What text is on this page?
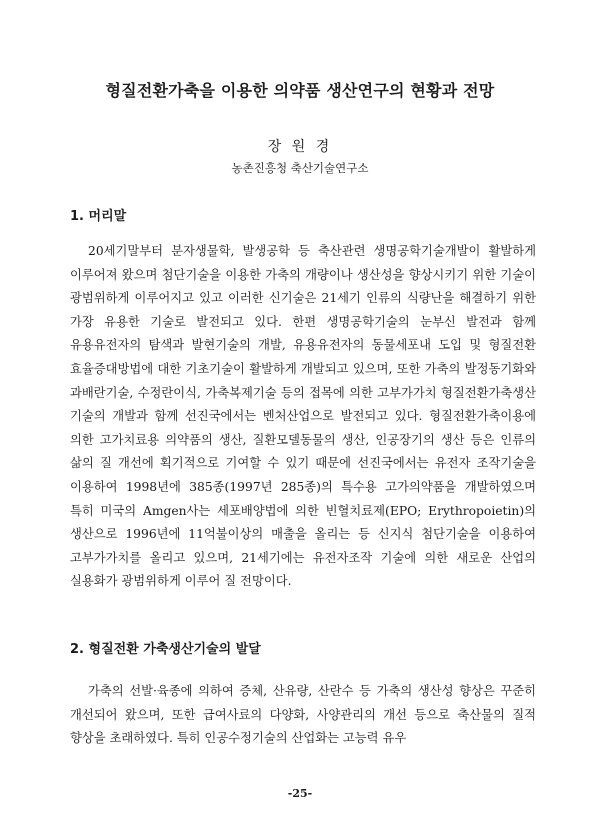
형질전환가축을 이용한 의약품 생산연구의 현황과 전망
장 원 경
농촌진흥청 축산기술연구소
1. 머리말
20세기말부터 분자생물학, 발생공학 등 축산관련 생명공학기술개발이 활발하게 이루어져 왔으며 첨단기술을 이용한 가축의 개량이나 생산성을 향상시키기 위한 기술이 광범위하게 이루어지고 있고 이러한 신기술은 21세기 인류의 식량난을 해결하기 위한 가장 유용한 기술로 발전되고 있다. 한편 생명공학기술의 눈부신 발전과 함께 유용유전자의 탐색과 발현기술의 개발, 유용유전자의 동물세포내 도입 및 형질전환 효율증대방법에 대한 기초기술이 활발하게 개발되고 있으며, 또한 가축의 발정동기화와 과배란기술, 수정란이식, 가축복제기술 등의 접목에 의한 고부가가치 형질전환가축생산 기술의 개발과 함께 선진국에서는 벤처산업으로 발전되고 있다. 형질전환가축이용에 의한 고가치료용 의약품의 생산, 질환모델동물의 생산, 인공장기의 생산 등은 인류의 삶의 질 개선에 획기적으로 기여할 수 있기 때문에 선진국에서는 유전자 조작기술을 이용하여 1998년에 385종(1997년 285종)의 특수용 고가의약품을 개발하였으며 특히 미국의 Amgen사는 세포배양법에 의한 빈혈치료제(EPO; Erythropoietin)의 생산으로 1996년에 11억불이상의 매출을 올리는 등 신지식 첨단기술을 이용하여 고부가가치를 올리고 있으며, 21세기에는 유전자조작 기술에 의한 새로운 산업의 실용화가 광범위하게 이루어 질 전망이다.
2. 형질전환 가축생산기술의 발달
가축의 선발·육종에 의하여 증체, 산유량, 산란수 등 가축의 생산성 향상은 꾸준히 개선되어 왔으며, 또한 급여사료의 다양화, 사양관리의 개선 등으로 축산물의 질적 향상을 초래하였다. 특히 인공수정기술의 산업화는 고능력 유우
-25-
